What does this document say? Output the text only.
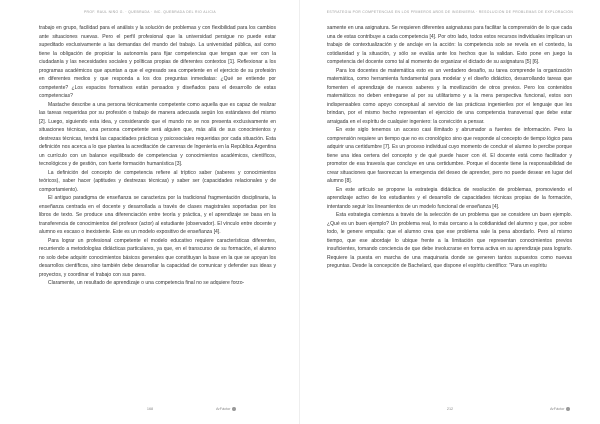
PROF. RAÚL NIÑO G. · QUEBRADA · INC. QUEBRADA DEL RIO ALICIA

trabajo en grupo, facilidad para el análisis y la solución de problemas y con flexibilidad para los cambios ante situaciones nuevas. Pero el perfil profesional que la universidad persigue no puede estar supeditado exclusivamente a las demandas del mundo del trabajo. La universidad pública, así como tiene la obligación de propiciar la autonomía para fijar competencias que tengan que ver con la ciudadanía y las necesidades sociales y políticas propias de diferentes contextos [1]. Reflexionar a los programas académicos que apuntan a que el egresado sea competente en el ejercicio de su profesión en diferentes medios y que responda a los dos preguntas inmediatas: ¿Qué se entiende por competente? ¿Los espacios formativos están pensados y diseñados para el desarrollo de estas competencias?

Mastache describe a una persona técnicamente competente como aquella que es capaz de realizar las tareas requeridas por su profesión o trabajo de manera adecuada según los estándares del mismo [2]. Luego, siguiendo esta idea, y considerando que el mundo no se nos presenta exclusivamente en situaciones técnicas, una persona competente será alguien que, más allá de sus conocimientos y destrezas técnicas, tendrá las capacidades prácticas y psicosociales requeridas por cada situación. Esta definición nos acerca a lo que plantea la acreditación de carreras de Ingeniería en la República Argentina un currículo con un balance equilibrado de competencias y conocimientos académicos, científicos, tecnológicos y de gestión, con fuerte formación humanística [3].

La definición del concepto de competencia refiere al tríptico saber (saberes y conocimientos teóricos), saber hacer (aptitudes y destrezas técnicas) y saber ser (capacidades relacionales y de comportamiento).

El antiguo paradigma de enseñanza se caracteriza por la tradicional fragmentación disciplinaria, la enseñanza centrada en el docente y desarrollada a través de clases magistrales soportadas por los libros de texto. Se produce una diferenciación entre teoría y práctica, y el aprendizaje se basa en la transferencia de conocimientos del profesor (actor) al estudiante (observador). El vínculo entre docente y alumno es escaso o inexistente. Este es un modelo expositivo de enseñanza [4].

Para lograr un profesional competente el modelo educativo requiere características diferentes, recurriendo a metodologías didácticas particulares, ya que, en el transcurso de su formación, el alumno no solo debe adquirir conocimientos básicos generales que constituyan la base en la que se apoyan los desarrollos científicos, sino también debe desarrollar la capacidad de comunicar y defender sus ideas y proyectos, y coordinar el trabajo con sus pares.

Claramente, un resultado de aprendizaje o una competencia final no se adquiere forzo-

168	ArFáctor
ESTRATEGIA POR COMPETENCIAS EN LOS PRIMEROS AÑOS DE INGENIERÍA · RESOLUCIÓN DE PROBLEMAS DE EXPLORACIÓN

samente en una asignatura. Se requieren diferentes asignaturas para facilitar la comprensión de lo que cada una de estas contribuye a cada competencia [4]. Por otro lado, todos estos recursos individuales implican un trabajo de contextualización y de anclaje en la acción: la competencia solo se revela en el contexto, la cotidianidad y la situación, y sólo se evalúa ante los hechos que la validan. Esto pone en juego la competencia del docente como tal al momento de organizar el dictado de su asignatura [5] [6].

Para los docentes de matemática esto es un verdadero desafío, su tarea comprende la organización matemática, como herramienta fundamental para modelar y el diseño didáctico, desarrollando tareas que fomenten el aprendizaje de nuevos saberes y la movilización de otros previos. Pero los contenidos matemáticos no deben entregarse al por su utilitarismo y a la mera perspectiva funcional, estos son indispensables como apoyo conceptual al servicio de las prácticas ingenieriles por el lenguaje que les brindan, por el mismo hecho representan el ejercicio de una competencia transversal que debe estar arraigada en el espíritu de cualquier ingeniero: la convicción a pensar.

En este siglo tenemos un acceso casi ilimitado y abrumador a fuentes de información. Pero la comprensión requiere un tiempo que no es cronológico sino que responde al concepto de tiempo lógico para adquirir una certidumbre [7]. Es un proceso individual cuyo momento de concluir el alumno lo percibe porque tiene una idea certera del concepto y de qué puede hacer con él. El docente está como facilitador y promotor de esa travesía que concluye en una certidumbre. Porque el docente tiene la responsabilidad de crear situaciones que favorezcan la emergencia del deseo de aprender, pero no puede desear en lugar del alumno [8].

En este artículo se propone la estrategia didáctica de resolución de problemas, promoviendo el aprendizaje activo de los estudiantes y el desarrollo de capacidades técnicas propias de la formación, intentando seguir los lineamientos de un modelo funcional de enseñanza [4].

Esta estrategia comienza a través de la selección de un problema que se considere un buen ejemplo. ¿Qué es un buen ejemplo? Un problema real, lo más cercano a la cotidianidad del alumno y que, por sobre todo, le genere empatía: que el alumno crea que ese problema vale la pena abordarlo. Pero al mismo tiempo, que ese abordaje lo ubique frente a la limitación que representan conocimientos previos insuficientes, tomando conciencia de que debe involucrarse en forma activa en su aprendizaje para lograrlo. Requiere la puesta en marcha de una maquinaria donde se generen tantos supuestos como nuevas preguntas. Desde la concepción de Bachelard, que dispone el espíritu científico: "Para un espíritu

212	ArFáctor
